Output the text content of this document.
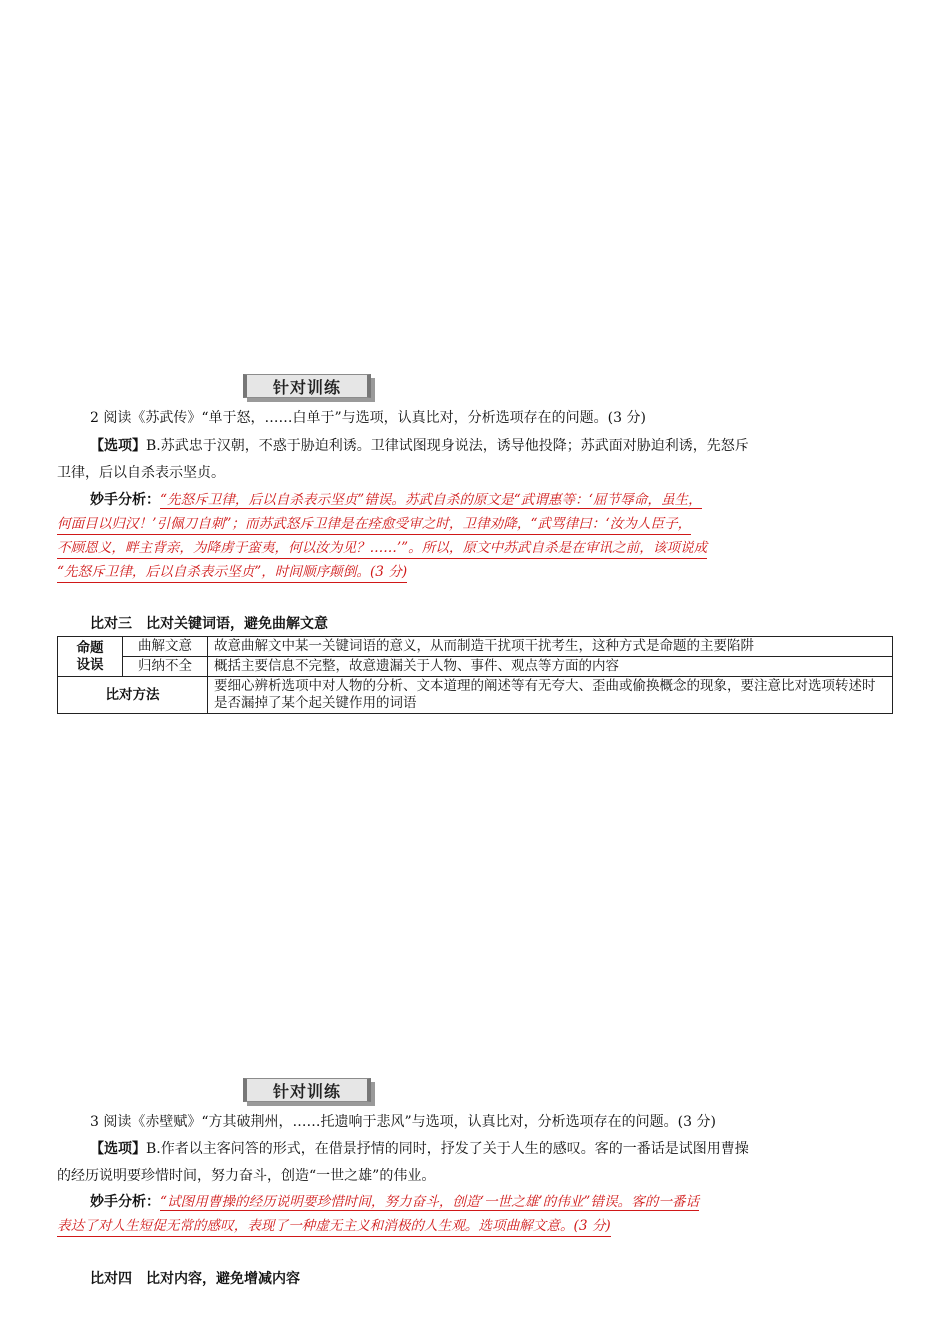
针对训练
2 阅读《苏武传》“单于怒，……白单于”与选项，认真比对，分析选项存在的问题。(3 分)
【选项】B.苏武忠于汉朝，不惑于胁迫利诱。卫律试图现身说法，诱导他投降；苏武面对胁迫利诱，先怒斥
卫律，后以自杀表示坚贞。
妙手分析：“先怒斥卫律，后以自杀表示坚贞”错误。苏武自杀的原文是“武谓惠等：‘屈节辱命，虽生，
何面目以归汉！’引佩刀自刺”；而苏武怒斥卫律是在痊愈受审之时，卫律劝降，“武骂律曰：‘汝为人臣子，
不顾恩义，畔主背亲，为降虏于蛮夷，何以汝为见？……’”。所以，原文中苏武自杀是在审讯之前，该项说成
“先怒斥卫律，后以自杀表示坚贞”，时间顺序颠倒。(3 分)
比对三　比对关键词语，避免曲解文意
命题
设误	曲解文意	故意曲解文中某一关键词语的意义，从而制造干扰项干扰考生，这种方式是命题的主要陷阱
	归纳不全	概括主要信息不完整，故意遗漏关于人物、事件、观点等方面的内容
比对方法		要细心辨析选项中对人物的分析、文本道理的阐述等有无夸大、歪曲或偷换概念的现象，要注意比对选项转述时是否漏掉了某个起关键作用的词语
针对训练
3 阅读《赤壁赋》“方其破荆州，……托遗响于悲风”与选项，认真比对，分析选项存在的问题。(3 分)
【选项】B.作者以主客问答的形式，在借景抒情的同时，抒发了关于人生的感叹。客的一番话是试图用曹操
的经历说明要珍惜时间，努力奋斗，创造“一世之雄”的伟业。
妙手分析：“试图用曹操的经历说明要珍惜时间，努力奋斗，创造‘一世之雄’的伟业”错误。客的一番话
表达了对人生短促无常的感叹，表现了一种虚无主义和消极的人生观。选项曲解文意。(3 分)
比对四　比对内容，避免增减内容
